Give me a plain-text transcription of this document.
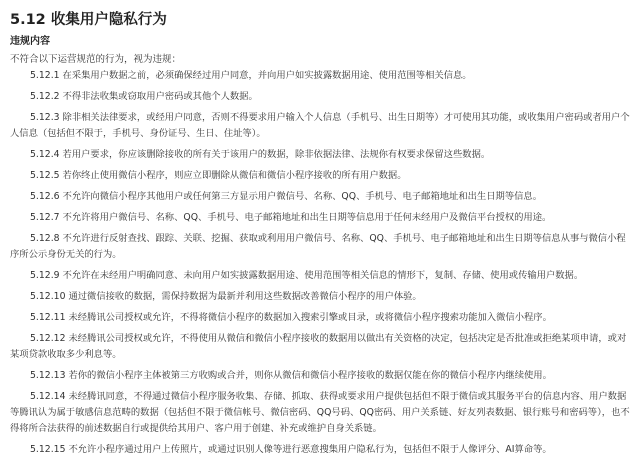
5.12 收集用户隐私行为
违规内容
不符合以下运营规范的行为，视为违规：
5.12.1 在采集用户数据之前，必须确保经过用户同意，并向用户如实披露数据用途、使用范围等相关信息。
5.12.2 不得非法收集或窃取用户密码或其他个人数据。
5.12.3 除非相关法律要求，或经用户同意，否则不得要求用户输入个人信息（手机号、出生日期等）才可使用其功能，或收集用户密码或者用户个人信息（包括但不限于，手机号、身份证号、生日、住址等）。
5.12.4 若用户要求，你应该删除接收的所有关于该用户的数据，除非依据法律、法规你有权要求保留这些数据。
5.12.5 若你终止使用微信小程序，则应立即删除从微信和微信小程序接收的所有用户数据。
5.12.6 不允许向微信小程序其他用户或任何第三方显示用户微信号、名称、QQ、手机号、电子邮箱地址和出生日期等信息。
5.12.7 不允许将用户微信号、名称、QQ、手机号、电子邮箱地址和出生日期等信息用于任何未经用户及微信平台授权的用途。
5.12.8 不允许进行反射查找、跟踪、关联、挖掘、获取或利用用户微信号、名称、QQ、手机号、电子邮箱地址和出生日期等信息从事与微信小程序所公示身份无关的行为。
5.12.9 不允许在未经用户明确同意、未向用户如实披露数据用途、使用范围等相关信息的情形下，复制、存储、使用或传输用户数据。
5.12.10 通过微信接收的数据，需保持数据为最新并利用这些数据改善微信小程序的用户体验。
5.12.11 未经腾讯公司授权或允许，不得将微信小程序的数据加入搜索引擎或目录，或将微信小程序搜索功能加入微信小程序。
5.12.12 未经腾讯公司授权或允许，不得使用从微信和微信小程序接收的数据用以做出有关资格的决定，包括决定是否批准或拒绝某项申请，或对某项贷款收取多少利息等。
5.12.13 若你的微信小程序主体被第三方收购或合并，则你从微信和微信小程序接收的数据仅能在你的微信小程序内继续使用。
5.12.14 未经腾讯同意，不得通过微信小程序服务收集、存储、抓取、获得或要求用户提供包括但不限于微信或其服务平台的信息内容、用户数据等腾讯认为属于敏感信息范畴的数据（包括但不限于微信帐号、微信密码、QQ号码、QQ密码、用户关系链、好友列表数据、银行账号和密码等），也不得将所合法获得的前述数据自行或提供给其用户、客户用于创建、补充或维护自身关系链。
5.12.15 不允许小程序通过用户上传照片，或通过识别人像等进行恶意搜集用户隐私行为，包括但不限于人像评分、AI算命等。
